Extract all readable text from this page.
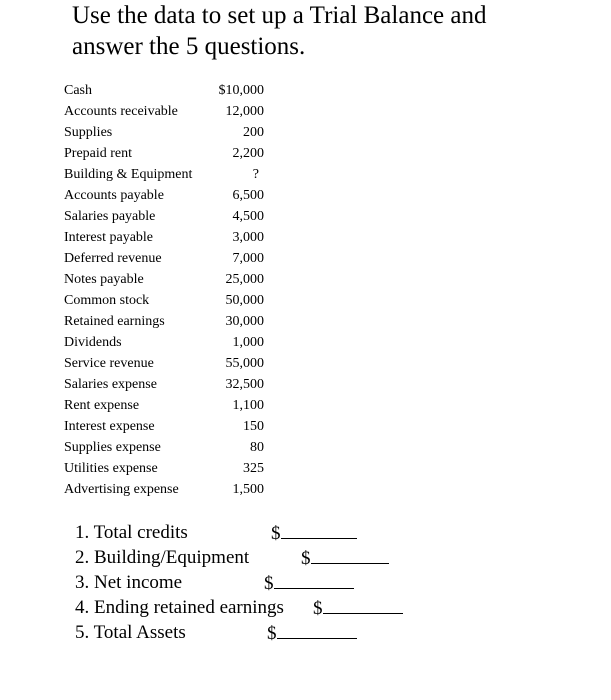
Use the data to set up a Trial Balance and
answer the 5 questions.
Cash	$10,000
Accounts receivable	12,000
Supplies	200
Prepaid rent	2,200
Building & Equipment	?
Accounts payable	6,500
Salaries payable	4,500
Interest payable	3,000
Deferred revenue	7,000
Notes payable	25,000
Common stock	50,000
Retained earnings	30,000
Dividends	1,000
Service revenue	55,000
Salaries expense	32,500
Rent expense	1,100
Interest expense	150
Supplies expense	80
Utilities expense	325
Advertising expense	1,500
1. Total credits	$
2. Building/Equipment	$
3. Net income	$
4. Ending retained earnings $
5. Total Assets	$
